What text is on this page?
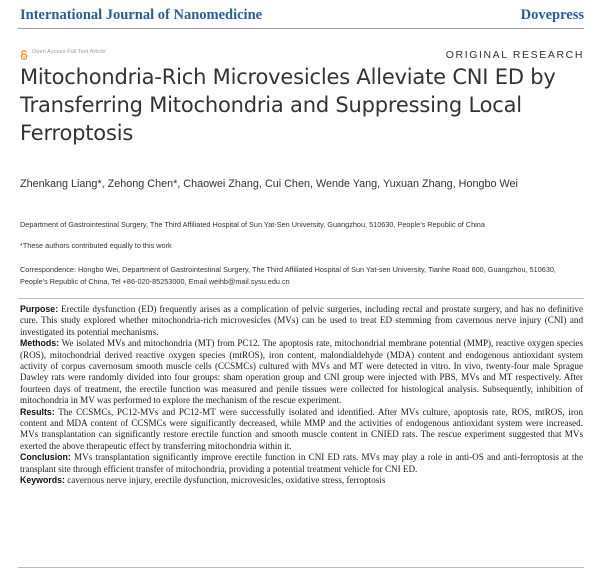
International Journal of Nanomedicine	Dovepress
Open Access Full Text Article	ORIGINAL RESEARCH
Mitochondria-Rich Microvesicles Alleviate CNI ED by Transferring Mitochondria and Suppressing Local Ferroptosis
Zhenkang Liang*, Zehong Chen*, Chaowei Zhang, Cui Chen, Wende Yang, Yuxuan Zhang, Hongbo Wei
Department of Gastrointestinal Surgery, The Third Affiliated Hospital of Sun Yat-Sen University, Guangzhou, 510630, People's Republic of China
*These authors contributed equally to this work
Correspondence: Hongbo Wei, Department of Gastrointestinal Surgery, The Third Affiliated Hospital of Sun Yat-sen University, Tianhe Road 600, Guangzhou, 510630, People's Republic of China, Tel +86-020-85253000, Email weihb@mail.sysu.edu.cn

Purpose: Erectile dysfunction (ED) frequently arises as a complication of pelvic surgeries, including rectal and prostate surgery, and has no definitive cure. This study explored whether mitochondria-rich microvesicles (MVs) can be used to treat ED stemming from cavernous nerve injury (CNI) and investigated its potential mechanisms.

Methods: We isolated MVs and mitochondria (MT) from PC12. The apoptosis rate, mitochondrial membrane potential (MMP), reactive oxygen species (ROS), mitochondrial derived reactive oxygen species (mtROS), iron content, malondialdehyde (MDA) content and endogenous antioxidant system activity of corpus cavernosum smooth muscle cells (CCSMCs) cultured with MVs and MT were detected in vitro. In vivo, twenty-four male Sprague Dawley rats were randomly divided into four groups: sham operation group and CNI group were injected with PBS, MVs and MT respectively. After fourteen days of treatment, the erectile function was measured and penile tissues were collected for histological analysis. Subsequently, inhibition of mitochondria in MV was performed to explore the mechanism of the rescue experiment.

Results: The CCSMCs, PC12-MVs and PC12-MT were successfully isolated and identified. After MVs culture, apoptosis rate, ROS, mtROS, iron content and MDA content of CCSMCs were significantly decreased, while MMP and the activities of endogenous antioxidant system were increased. MVs transplantation can significantly restore erectile function and smooth muscle content in CNIED rats. The rescue experiment suggested that MVs exerted the above therapeutic effect by transferring mitochondria within it.

Conclusion: MVs transplantation significantly improve erectile function in CNI ED rats. MVs may play a role in anti-OS and anti-ferroptosis at the transplant site through efficient transfer of mitochondria, providing a potential treatment vehicle for CNI ED.

Keywords: cavernous nerve injury, erectile dysfunction, microvesicles, oxidative stress, ferroptosis
